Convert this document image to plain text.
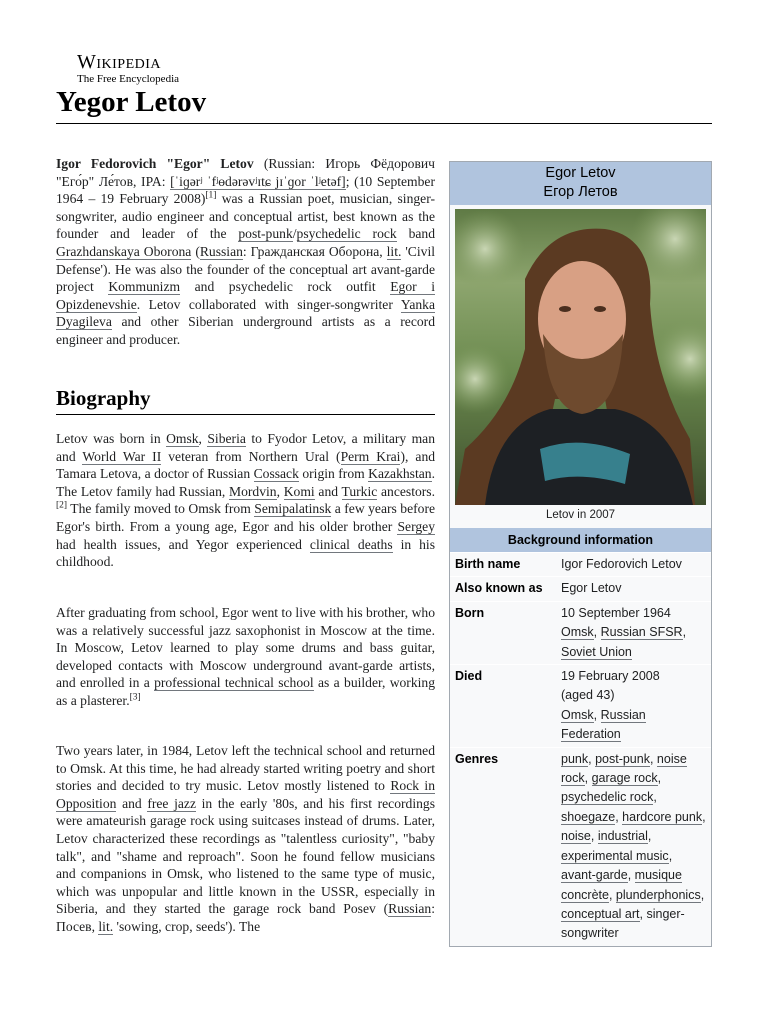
Wikipedia
The Free Encyclopedia
Yegor Letov

Igor Fedorovich "Egor" Letov (Russian: Игорь Фёдорович "Его́р" Ле́тов, IPA: [ˈiɡərʲ ˈfʲɵdərəvʲɪtɕ jɪˈɡor ˈlʲetəf]; (10 September 1964 – 19 February 2008)[1] was a Russian poet, musician, singer-songwriter, audio engineer and conceptual artist, best known as the founder and leader of the post-punk/psychedelic rock band Grazhdanskaya Oborona (Russian: Гражданская Оборона, lit. 'Civil Defense'). He was also the founder of the conceptual art avant-garde project Kommunizm and psychedelic rock outfit Egor i Opizdenevshie. Letov collaborated with singer-songwriter Yanka Dyagileva and other Siberian underground artists as a record engineer and producer.

Biography

Letov was born in Omsk, Siberia to Fyodor Letov, a military man and World War II veteran from Northern Ural (Perm Krai), and Tamara Letova, a doctor of Russian Cossack origin from Kazakhstan. The Letov family had Russian, Mordvin, Komi and Turkic ancestors.[2] The family moved to Omsk from Semipalatinsk a few years before Egor's birth. From a young age, Egor and his older brother Sergey had health issues, and Yegor experienced clinical deaths in his childhood.

After graduating from school, Egor went to live with his brother, who was a relatively successful jazz saxophonist in Moscow at the time. In Moscow, Letov learned to play some drums and bass guitar, developed contacts with Moscow underground avant-garde artists, and enrolled in a professional technical school as a builder, working as a plasterer.[3]

Two years later, in 1984, Letov left the technical school and returned to Omsk. At this time, he had already started writing poetry and short stories and decided to try music. Letov mostly listened to Rock in Opposition and free jazz in the early '80s, and his first recordings were amateurish garage rock using suitcases instead of drums. Later, Letov characterized these recordings as "talentless curiosity", "baby talk", and "shame and reproach". Soon he found fellow musicians and companions in Omsk, who listened to the same type of music, which was unpopular and little known in the USSR, especially in Siberia, and they started the garage rock band Posev (Russian: Посев, lit. 'sowing, crop, seeds'). The

Egor Letov
Егор Летов
Letov in 2007
Background information
Birth name	Igor Fedorovich Letov
Also known as	Egor Letov
Born	10 September 1964
Omsk, Russian SFSR,
Soviet Union
Died	19 February 2008
(aged 43)
Omsk, Russian Federation
Genres	punk, post-punk, noise rock, garage rock, psychedelic rock, shoegaze, hardcore punk, noise, industrial, experimental music, avant-garde, musique concrète, plunderphonics, conceptual art, singer-songwriter
